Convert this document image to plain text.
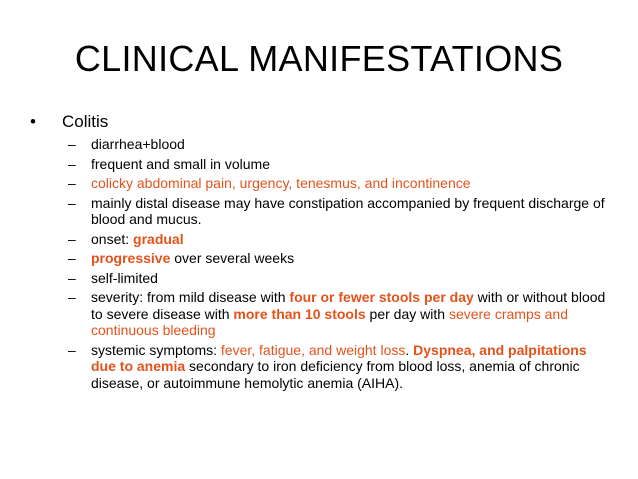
CLINICAL MANIFESTATIONS
• Colitis
– diarrhea+blood
– frequent and small in volume
– colicky abdominal pain, urgency, tenesmus, and incontinence
– mainly distal disease may have constipation accompanied by frequent discharge of blood and mucus.
– onset: gradual
– progressive over several weeks
– self-limited
– severity: from mild disease with four or fewer stools per day with or without blood to severe disease with more than 10 stools per day with severe cramps and continuous bleeding
– systemic symptoms: fever, fatigue, and weight loss. Dyspnea, and palpitations due to anemia secondary to iron deficiency from blood loss, anemia of chronic disease, or autoimmune hemolytic anemia (AIHA).
